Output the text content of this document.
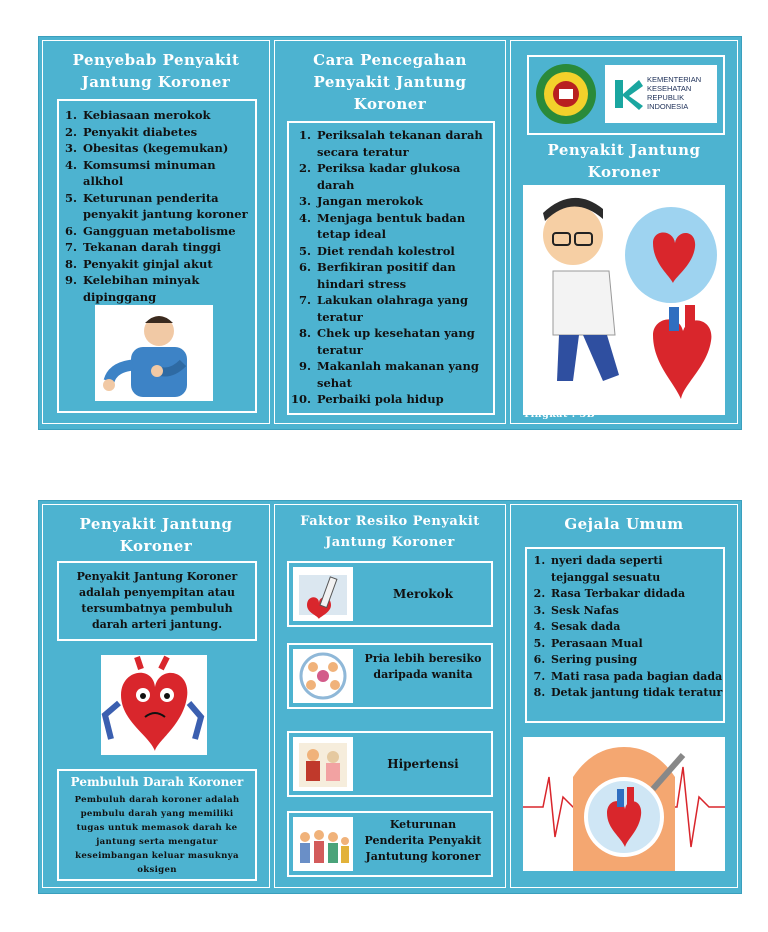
Penyebab Penyakit Jantung Koroner
1. Kebiasaan merokok
2. Penyakit diabetes
3. Obesitas (kegemukan)
4. Komsumsi minuman alkhol
5. Keturunan penderita penyakit jantung koroner
6. Gangguan metabolisme
7. Tekanan darah tinggi
8. Penyakit ginjal akut
9. Kelebihan minyak dipinggang
Cara Pencegahan Penyakit Jantung Koroner
1. Periksalah tekanan darah secara teratur
2. Periksa kadar glukosa darah
3. Jangan merokok
4. Menjaga bentuk badan tetap ideal
5. Diet rendah kolestrol
6. Berfikiran positif dan hindari stress
7. Lakukan olahraga yang teratur
8. Chek up kesehatan yang teratur
9. Makanlah makanan yang sehat
10. Perbaiki pola hidup
KEMENTERIAN
KESEHATAN
REPUBLIK
INDONESIA
Penyakit Jantung Koroner
Nama : Elsa Agustina
Tingkat : 3B
Penyakit Jantung Koroner
Penyakit Jantung Koroner adalah penyempitan atau tersumbatnya pembuluh darah arteri jantung.
Pembuluh Darah Koroner
Pembuluh darah koroner adalah pembulu darah yang memiliki tugas untuk memasok darah ke jantung serta mengatur keseimbangan keluar masuknya oksigen
Faktor Resiko Penyakit Jantung Koroner
Merokok
Pria lebih beresiko daripada wanita
Hipertensi
Keturunan Penderita Penyakit Jantutung koroner
Gejala Umum
1. nyeri dada seperti tejanggal sesuatu
2. Rasa Terbakar didada
3. Sesk Nafas
4. Sesak dada
5. Perasaan Mual
6. Sering pusing
7. Mati rasa pada bagian dada
8. Detak jantung tidak teratur
